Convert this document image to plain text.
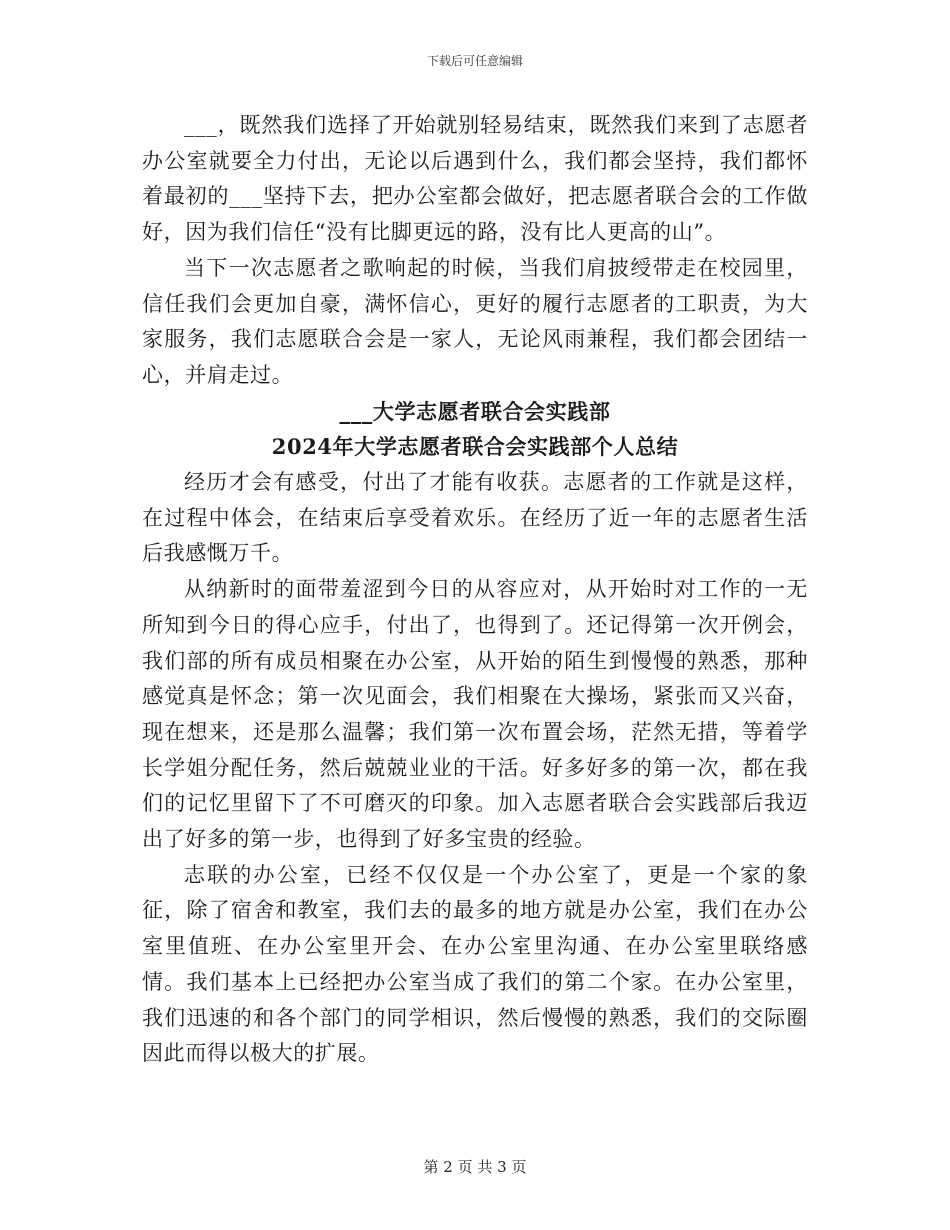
下载后可任意编辑

___，既然我们选择了开始就别轻易结束，既然我们来到了志愿者办公室就要全力付出，无论以后遇到什么，我们都会坚持，我们都怀着最初的___坚持下去，把办公室都会做好，把志愿者联合会的工作做好，因为我们信任“没有比脚更远的路，没有比人更高的山”。

当下一次志愿者之歌响起的时候，当我们肩披绶带走在校园里，信任我们会更加自豪，满怀信心，更好的履行志愿者的工职责，为大家服务，我们志愿联合会是一家人，无论风雨兼程，我们都会团结一心，并肩走过。

___大学志愿者联合会实践部

2024年大学志愿者联合会实践部个人总结

经历才会有感受，付出了才能有收获。志愿者的工作就是这样，在过程中体会，在结束后享受着欢乐。在经历了近一年的志愿者生活后我感慨万千。

从纳新时的面带羞涩到今日的从容应对，从开始时对工作的一无所知到今日的得心应手，付出了，也得到了。还记得第一次开例会，我们部的所有成员相聚在办公室，从开始的陌生到慢慢的熟悉，那种感觉真是怀念；第一次见面会，我们相聚在大操场，紧张而又兴奋，现在想来，还是那么温馨；我们第一次布置会场，茫然无措，等着学长学姐分配任务，然后兢兢业业的干活。好多好多的第一次，都在我们的记忆里留下了不可磨灭的印象。加入志愿者联合会实践部后我迈出了好多的第一步，也得到了好多宝贵的经验。

志联的办公室，已经不仅仅是一个办公室了，更是一个家的象征，除了宿舍和教室，我们去的最多的地方就是办公室，我们在办公室里值班、在办公室里开会、在办公室里沟通、在办公室里联络感情。我们基本上已经把办公室当成了我们的第二个家。在办公室里，我们迅速的和各个部门的同学相识，然后慢慢的熟悉，我们的交际圈因此而得以极大的扩展。

第 2 页 共 3 页
